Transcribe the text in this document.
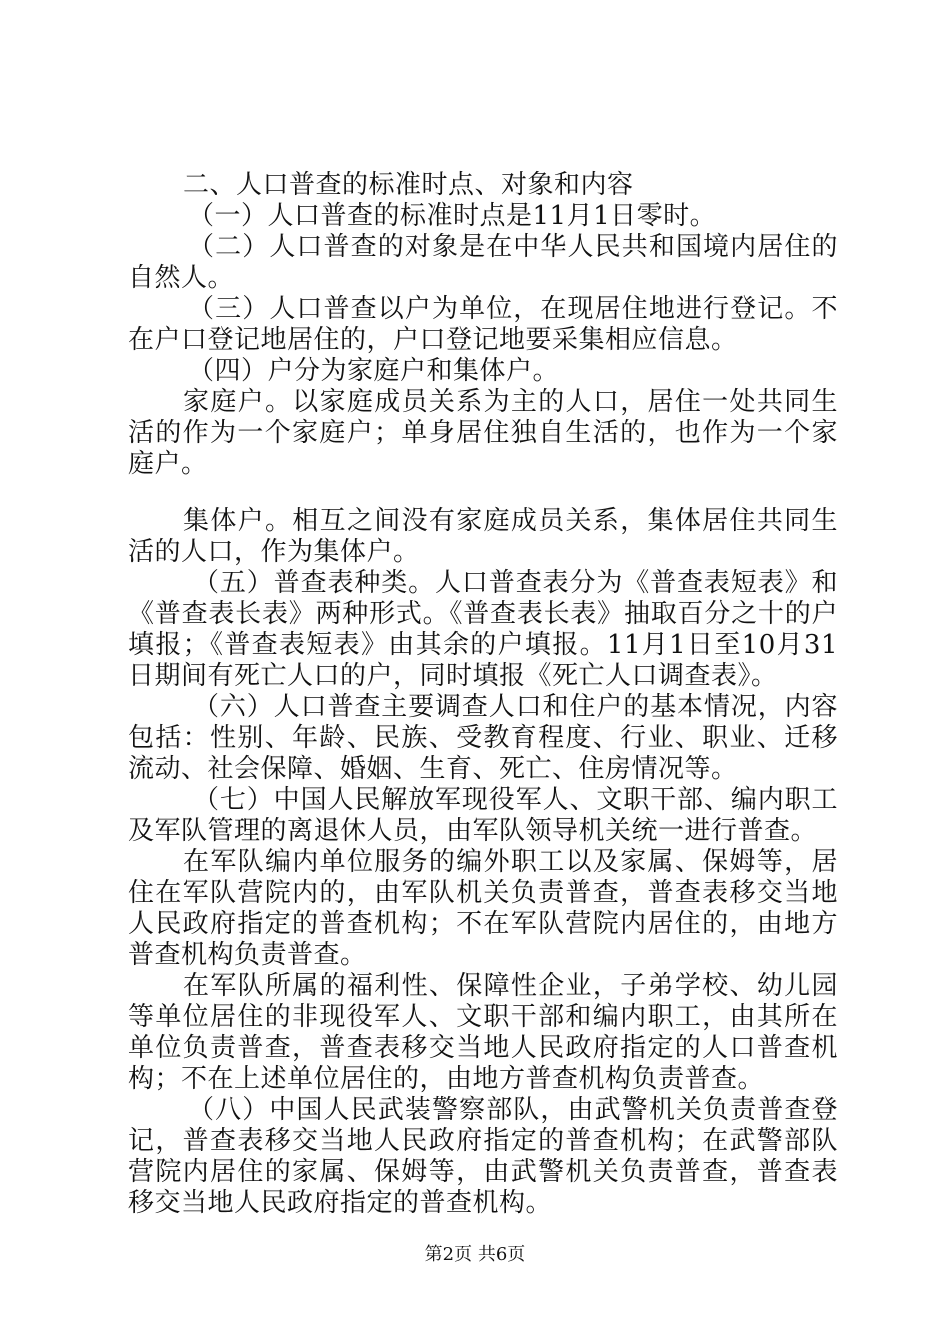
二、人口普查的标准时点、对象和内容

（一）人口普查的标准时点是11月1日零时。

（二）人口普查的对象是在中华人民共和国境内居住的自然人。

（三）人口普查以户为单位，在现居住地进行登记。不在户口登记地居住的，户口登记地要采集相应信息。

（四）户分为家庭户和集体户。

家庭户。以家庭成员关系为主的人口，居住一处共同生活的作为一个家庭户；单身居住独自生活的，也作为一个家庭户。

集体户。相互之间没有家庭成员关系，集体居住共同生活的人口，作为集体户。

（五）普查表种类。人口普查表分为《普查表短表》和《普查表长表》两种形式。《普查表长表》抽取百分之十的户填报；《普查表短表》由其余的户填报。11月1日至10月31日期间有死亡人口的户，同时填报《死亡人口调查表》。

（六）人口普查主要调查人口和住户的基本情况，内容包括：性别、年龄、民族、受教育程度、行业、职业、迁移流动、社会保障、婚姻、生育、死亡、住房情况等。

（七）中国人民解放军现役军人、文职干部、编内职工及军队管理的离退休人员，由军队领导机关统一进行普查。

在军队编内单位服务的编外职工以及家属、保姆等，居住在军队营院内的，由军队机关负责普查，普查表移交当地人民政府指定的普查机构；不在军队营院内居住的，由地方普查机构负责普查。

在军队所属的福利性、保障性企业，子弟学校、幼儿园等单位居住的非现役军人、文职干部和编内职工，由其所在单位负责普查，普查表移交当地人民政府指定的人口普查机构；不在上述单位居住的，由地方普查机构负责普查。

（八）中国人民武装警察部队，由武警机关负责普查登记，普查表移交当地人民政府指定的普查机构；在武警部队营院内居住的家属、保姆等，由武警机关负责普查，普查表移交当地人民政府指定的普查机构。

第2页 共6页
